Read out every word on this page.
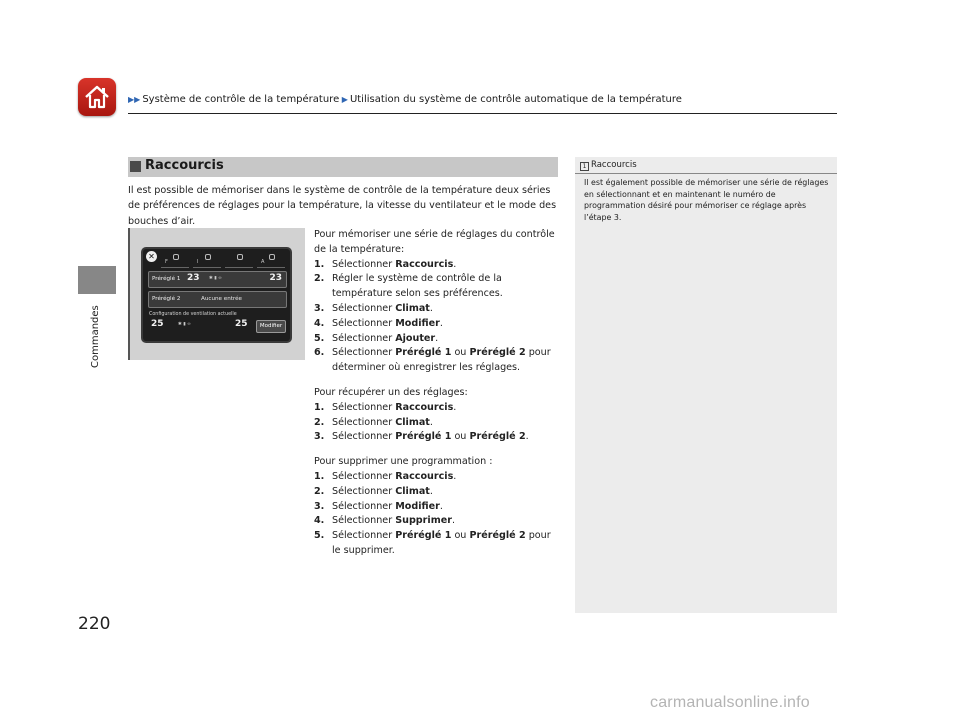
▶▶ Système de contrôle de la température ▶ Utilisation du système de contrôle automatique de la température
Commandes
Raccourcis
Il est possible de mémoriser dans le système de contrôle de la température deux séries de préférences de réglages pour la température, la vitesse du ventilateur et le mode des bouches d’air.
✕
F	I	A
Préréglé 1 23 ✱ ▮ ∞	23
Préréglé 2	Aucune entrée
Configuration de ventilation actuelle
25	✱ ▮ ∞	25	Modifier

Pour mémoriser une série de réglages du contrôle de la température:

1. Sélectionner Raccourcis.
2. Régler le système de contrôle de la température selon ses préférences.
3. Sélectionner Climat.
4. Sélectionner Modifier.
5. Sélectionner Ajouter.
6. Sélectionner Préréglé 1 ou Préréglé 2 pour déterminer où enregistrer les réglages.

Pour récupérer un des réglages:

1. Sélectionner Raccourcis.
2. Sélectionner Climat.
3. Sélectionner Préréglé 1 ou Préréglé 2.

Pour supprimer une programmation :

1. Sélectionner Raccourcis.
2. Sélectionner Climat.
3. Sélectionner Modifier.
4. Sélectionner Supprimer.
5. Sélectionner Préréglé 1 ou Préréglé 2 pour le supprimer.
1 Raccourcis
Il est également possible de mémoriser une série de réglages en sélectionnant et en maintenant le numéro de programmation désiré pour mémoriser ce réglage après l’étape 3.
220
carmanualsonline.info
